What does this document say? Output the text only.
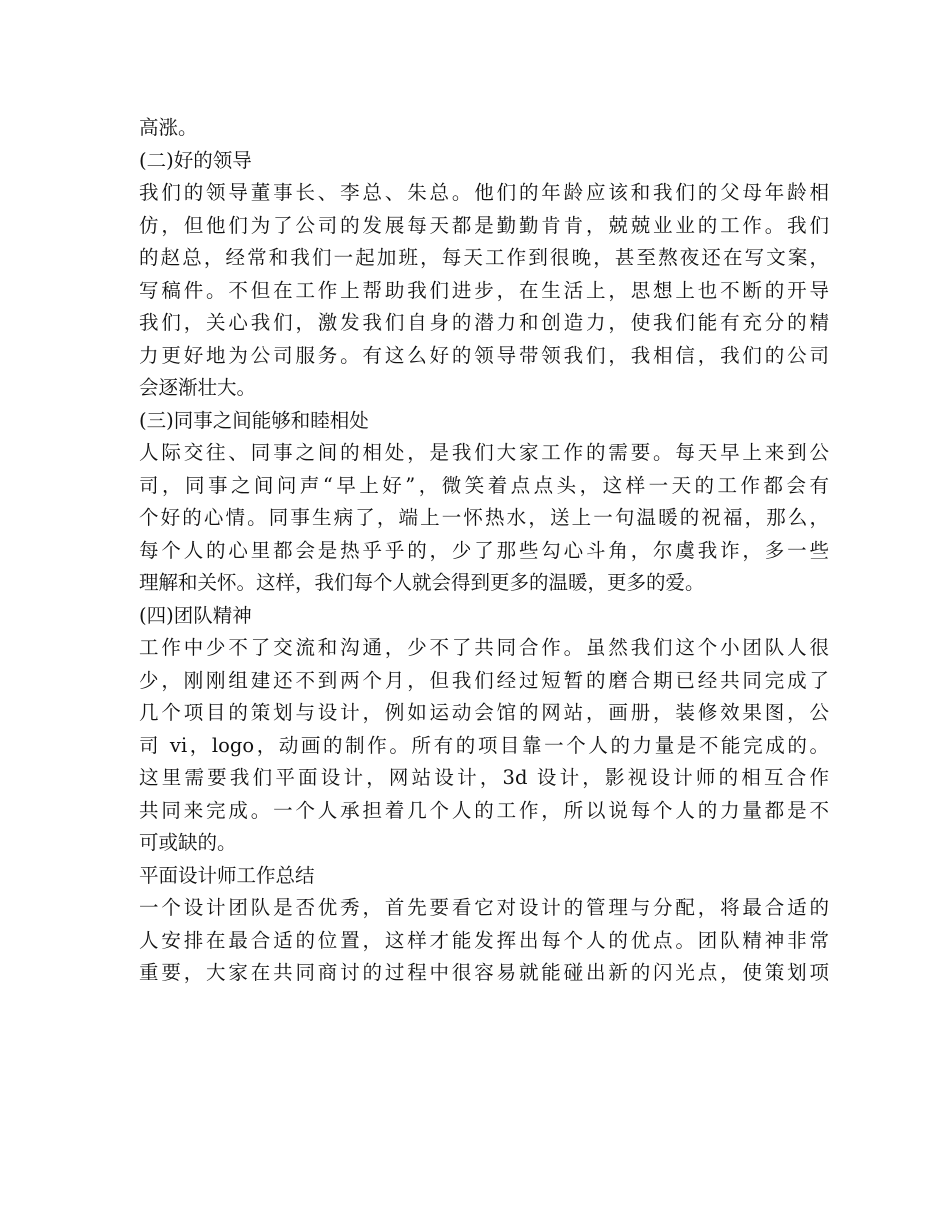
高涨。
(二)好的领导
我们的领导董事长、李总、朱总。他们的年龄应该和我们的父母年龄相
仿，但他们为了公司的发展每天都是勤勤肯肯，兢兢业业的工作。我们
的赵总，经常和我们一起加班，每天工作到很晚，甚至熬夜还在写文案，
写稿件。不但在工作上帮助我们进步，在生活上，思想上也不断的开导
我们，关心我们，激发我们自身的潜力和创造力，使我们能有充分的精
力更好地为公司服务。有这么好的领导带领我们，我相信，我们的公司
会逐渐壮大。
(三)同事之间能够和睦相处
人际交往、同事之间的相处，是我们大家工作的需要。每天早上来到公
司，同事之间问声“早上好”，微笑着点点头，这样一天的工作都会有
个好的心情。同事生病了，端上一怀热水，送上一句温暖的祝福，那么，
每个人的心里都会是热乎乎的，少了那些勾心斗角，尔虞我诈，多一些
理解和关怀。这样，我们每个人就会得到更多的温暖，更多的爱。
(四)团队精神
工作中少不了交流和沟通，少不了共同合作。虽然我们这个小团队人很
少，刚刚组建还不到两个月，但我们经过短暂的磨合期已经共同完成了
几个项目的策划与设计，例如运动会馆的网站，画册，装修效果图，公
司 vi，logo，动画的制作。所有的项目靠一个人的力量是不能完成的。
这里需要我们平面设计，网站设计，3d 设计，影视设计师的相互合作
共同来完成。一个人承担着几个人的工作，所以说每个人的力量都是不
可或缺的。
平面设计师工作总结
一个设计团队是否优秀，首先要看它对设计的管理与分配，将最合适的
人安排在最合适的位置，这样才能发挥出每个人的优点。团队精神非常
重要，大家在共同商讨的过程中很容易就能碰出新的闪光点，使策划项
